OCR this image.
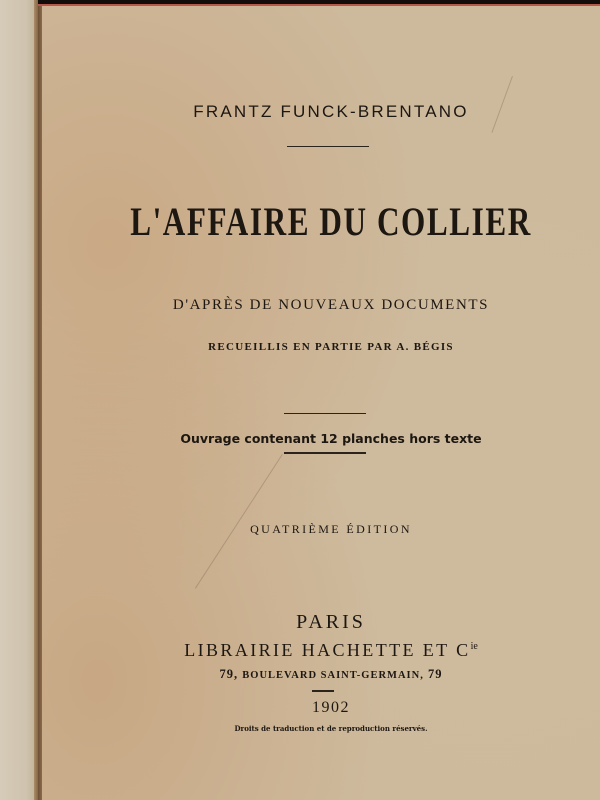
FRANTZ FUNCK-BRENTANO
L'AFFAIRE DU COLLIER
D'APRÈS DE NOUVEAUX DOCUMENTS
RECUEILLIS EN PARTIE PAR A. BÉGIS
Ouvrage contenant 12 planches hors texte
QUATRIÈME ÉDITION
PARIS
LIBRAIRIE HACHETTE ET $C^{ie}$
79, BOULEVARD SAINT-GERMAIN, 79
1902
Droits de traduction et de reproduction réservés.
